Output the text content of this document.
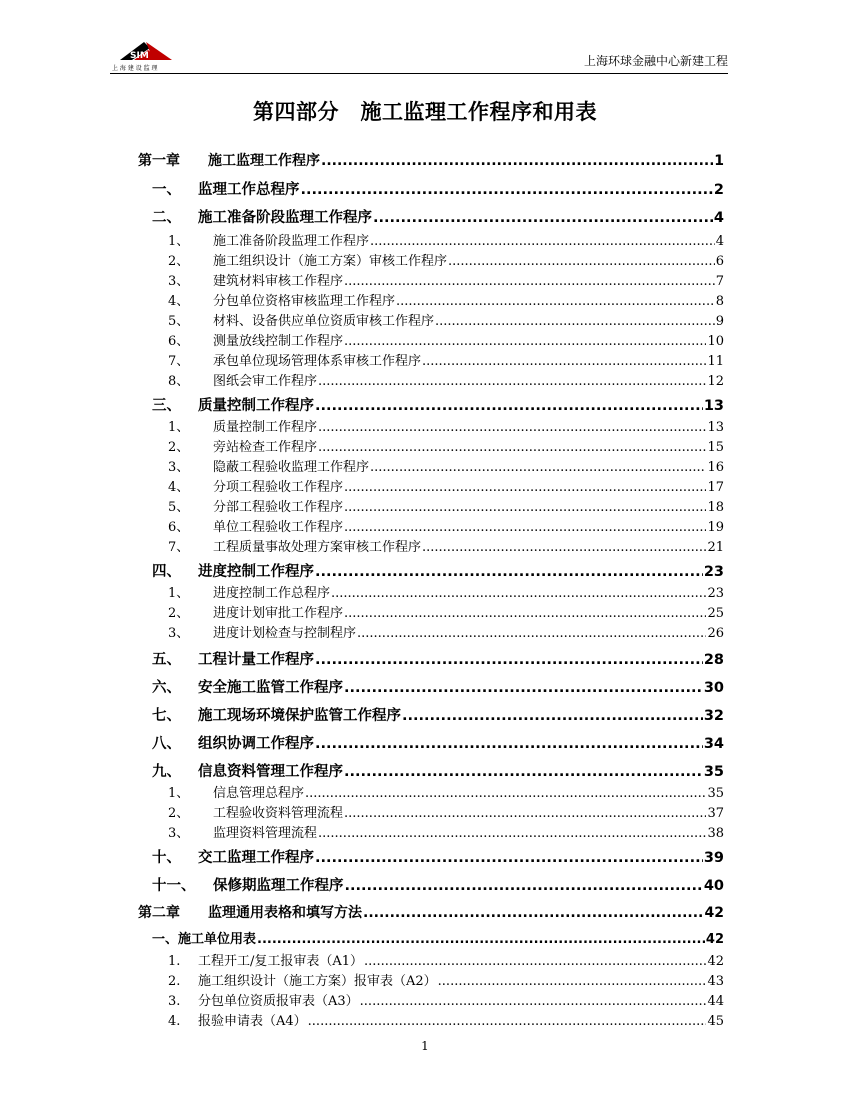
SIM
上 海 建 设 监 理
上海环球金融中心新建工程
第四部分　施工监理工作程序和用表
第一章	施工监理工作程序 .....	1
一、	监理工作总程序 .....	2
二、	施工准备阶段监理工作程序 .....	4
1、	施工准备阶段监理工作程序 .....	4
2、	施工组织设计（施工方案）审核工作程序 .....	6
3、	建筑材料审核工作程序 .....	7
4、	分包单位资格审核监理工作程序 .....	8
5、	材料、设备供应单位资质审核工作程序 .....	9
6、	测量放线控制工作程序 .....	10
7、	承包单位现场管理体系审核工作程序 .....	11
8、	图纸会审工作程序 .....	12
三、	质量控制工作程序 .....	13
1、	质量控制工作程序 .....	13
2、	旁站检查工作程序 .....	15
3、	隐蔽工程验收监理工作程序 .....	16
4、	分项工程验收工作程序 .....	17
5、	分部工程验收工作程序 .....	18
6、	单位工程验收工作程序 .....	19
7、	工程质量事故处理方案审核工作程序 .....	21
四、	进度控制工作程序 .....	23
1、	进度控制工作总程序 .....	23
2、	进度计划审批工作程序 .....	25
3、	进度计划检查与控制程序 .....	26
五、	工程计量工作程序 .....	28
六、	安全施工监管工作程序 .....	30
七、	施工现场环境保护监管工作程序 .....	32
八、	组织协调工作程序 .....	34
九、	信息资料管理工作程序 .....	35
1、	信息管理总程序 .....	35
2、	工程验收资料管理流程 .....	37
3、	监理资料管理流程 .....	38
十、	交工监理工作程序 .....	39
十一、	保修期监理工作程序 .....	40
第二章	监理通用表格和填写方法 .....	42
一、施工单位用表 .....	42
1.	工程开工/复工报审表（A1） .....	42
2.	施工组织设计（施工方案）报审表（A2） .....	43
3.	分包单位资质报审表（A3） .....	44
4.	报验申请表（A4） .....	45
1
